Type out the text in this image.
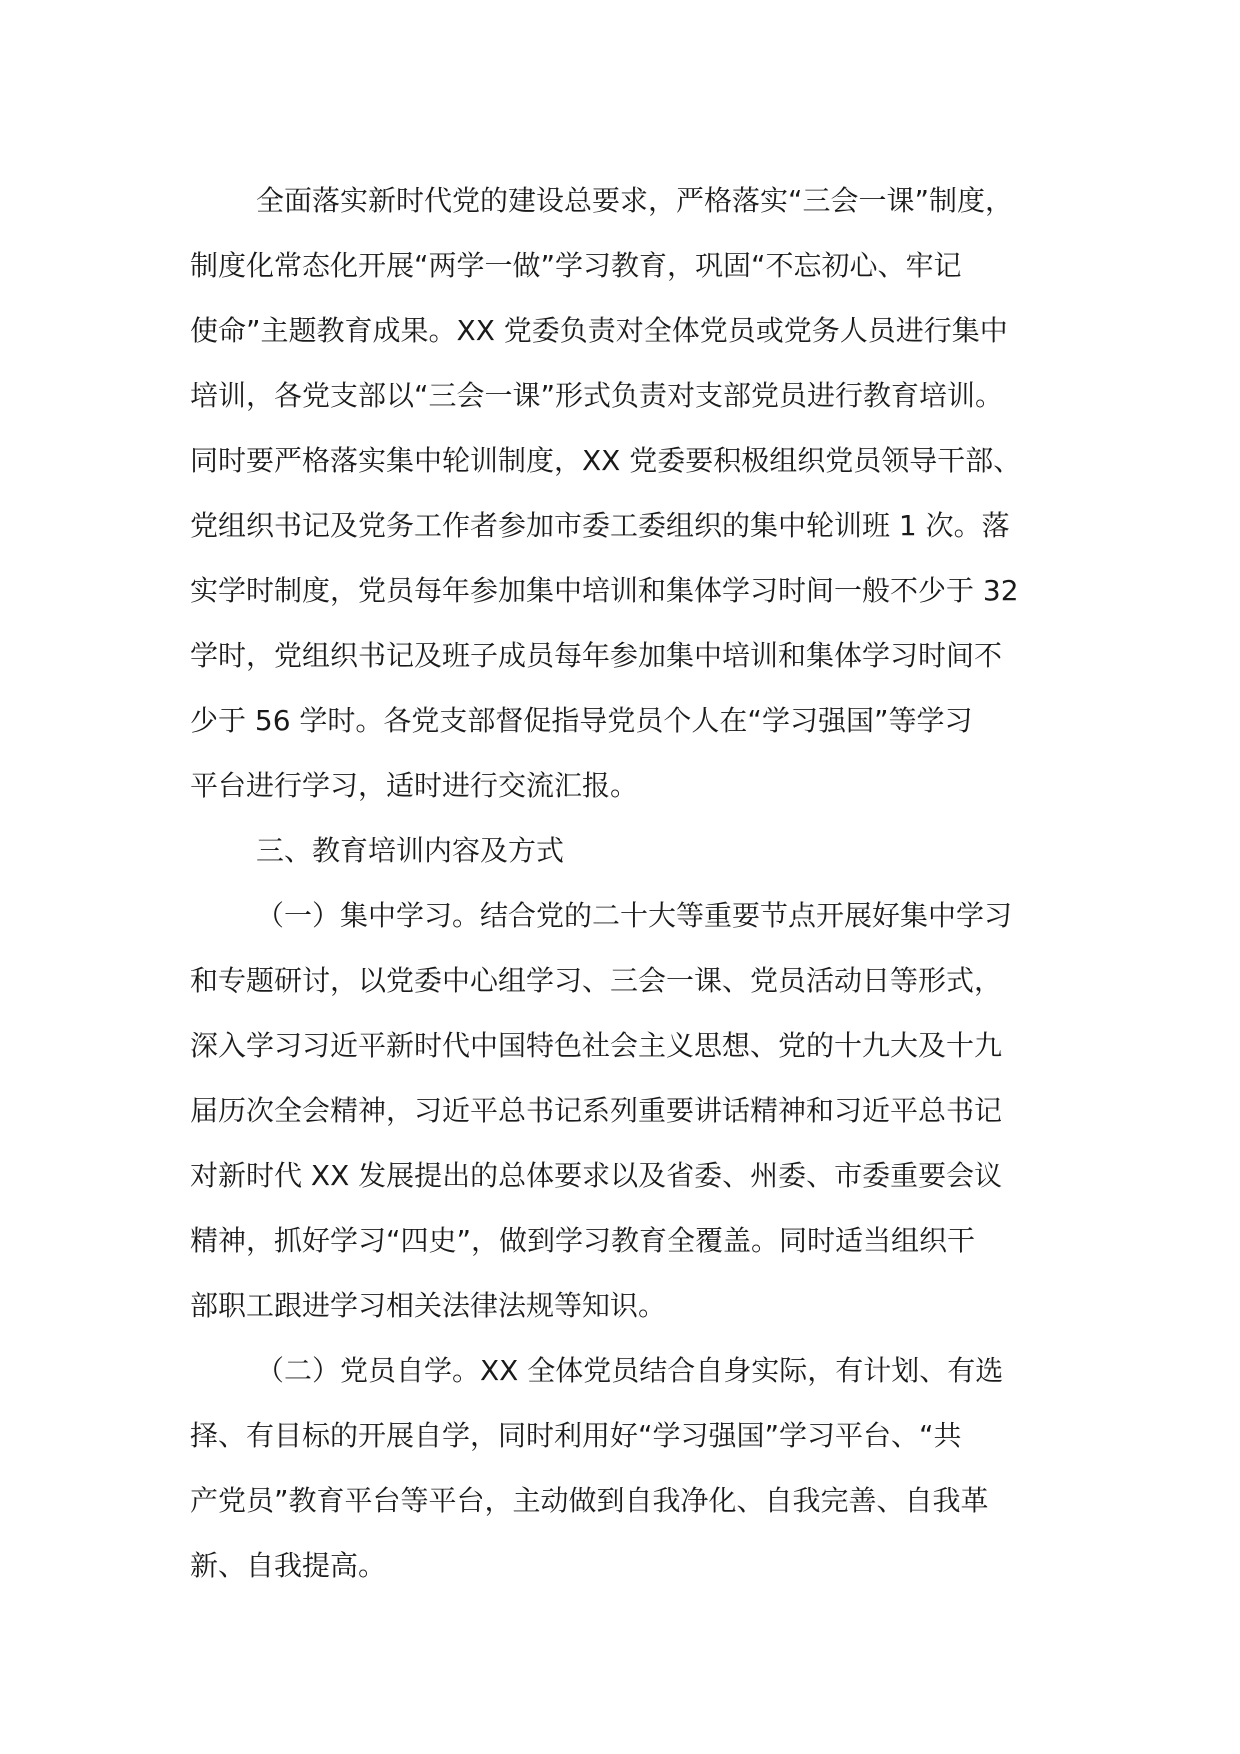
全面落实新时代党的建设总要求，严格落实“三会一课”制度，
制度化常态化开展“两学一做”学习教育，巩固“不忘初心、牢记
使命”主题教育成果。XX 党委负责对全体党员或党务人员进行集中
培训，各党支部以“三会一课”形式负责对支部党员进行教育培训。
同时要严格落实集中轮训制度，XX 党委要积极组织党员领导干部、
党组织书记及党务工作者参加市委工委组织的集中轮训班 1 次。落
实学时制度，党员每年参加集中培训和集体学习时间一般不少于 32
学时，党组织书记及班子成员每年参加集中培训和集体学习时间不
少于 56 学时。各党支部督促指导党员个人在“学习强国”等学习
平台进行学习，适时进行交流汇报。
三、教育培训内容及方式
（一）集中学习。结合党的二十大等重要节点开展好集中学习
和专题研讨，以党委中心组学习、三会一课、党员活动日等形式，
深入学习习近平新时代中国特色社会主义思想、党的十九大及十九
届历次全会精神，习近平总书记系列重要讲话精神和习近平总书记
对新时代 XX 发展提出的总体要求以及省委、州委、市委重要会议
精神，抓好学习“四史”，做到学习教育全覆盖。同时适当组织干
部职工跟进学习相关法律法规等知识。
（二）党员自学。XX 全体党员结合自身实际，有计划、有选
择、有目标的开展自学，同时利用好“学习强国”学习平台、“共
产党员”教育平台等平台，主动做到自我净化、自我完善、自我革
新、自我提高。
